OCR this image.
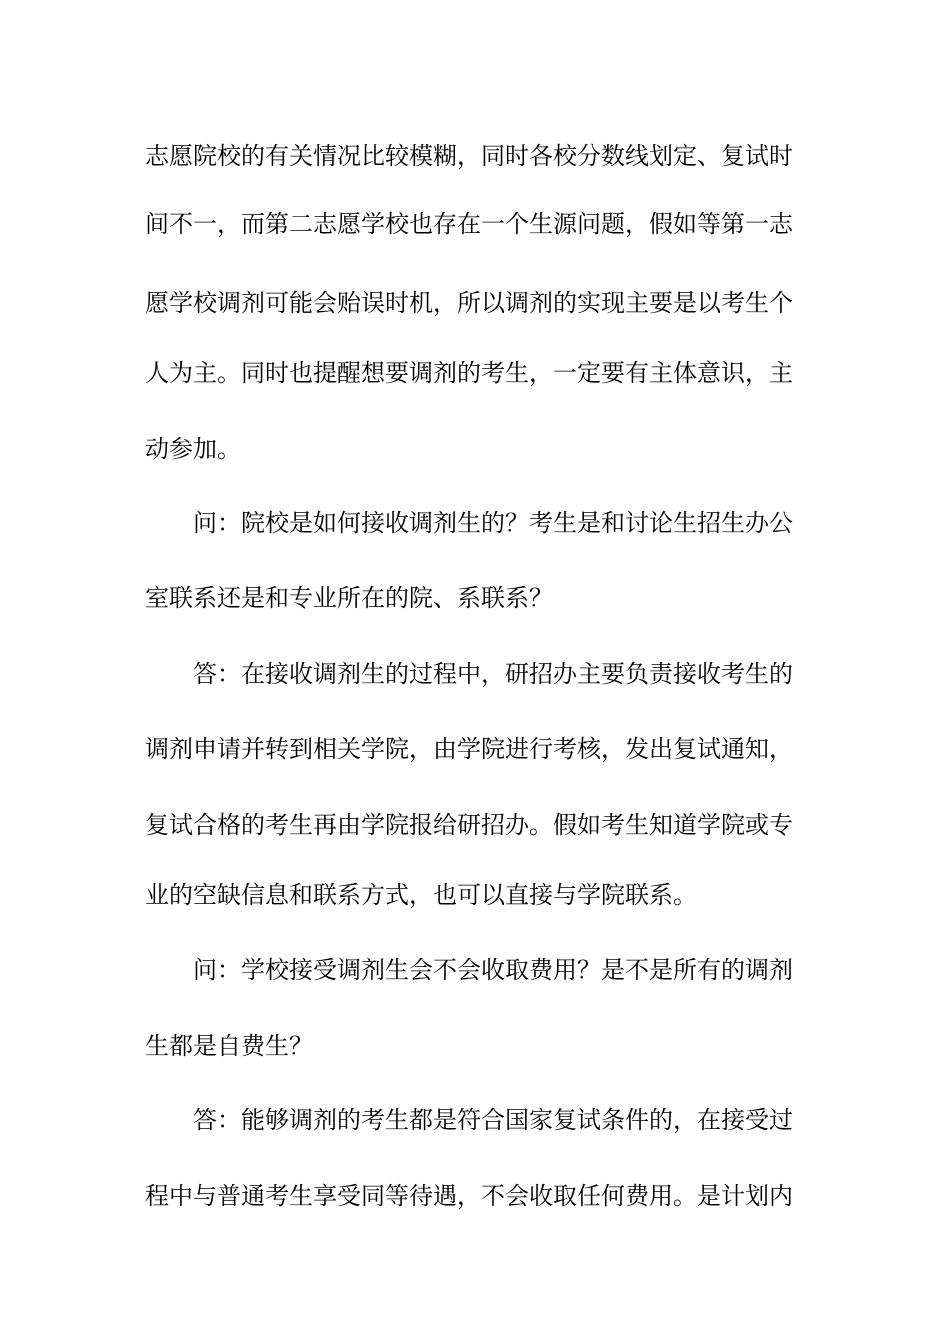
志愿院校的有关情况比较模糊，同时各校分数线划定、复试时
间不一，而第二志愿学校也存在一个生源问题，假如等第一志
愿学校调剂可能会贻误时机，所以调剂的实现主要是以考生个
人为主。同时也提醒想要调剂的考生，一定要有主体意识，主
动参加。
问：院校是如何接收调剂生的？考生是和讨论生招生办公
室联系还是和专业所在的院、系联系？
答：在接收调剂生的过程中，研招办主要负责接收考生的
调剂申请并转到相关学院，由学院进行考核，发出复试通知，
复试合格的考生再由学院报给研招办。假如考生知道学院或专
业的空缺信息和联系方式，也可以直接与学院联系。
问：学校接受调剂生会不会收取费用？是不是所有的调剂
生都是自费生？
答：能够调剂的考生都是符合国家复试条件的，在接受过
程中与普通考生享受同等待遇，不会收取任何费用。是计划内
